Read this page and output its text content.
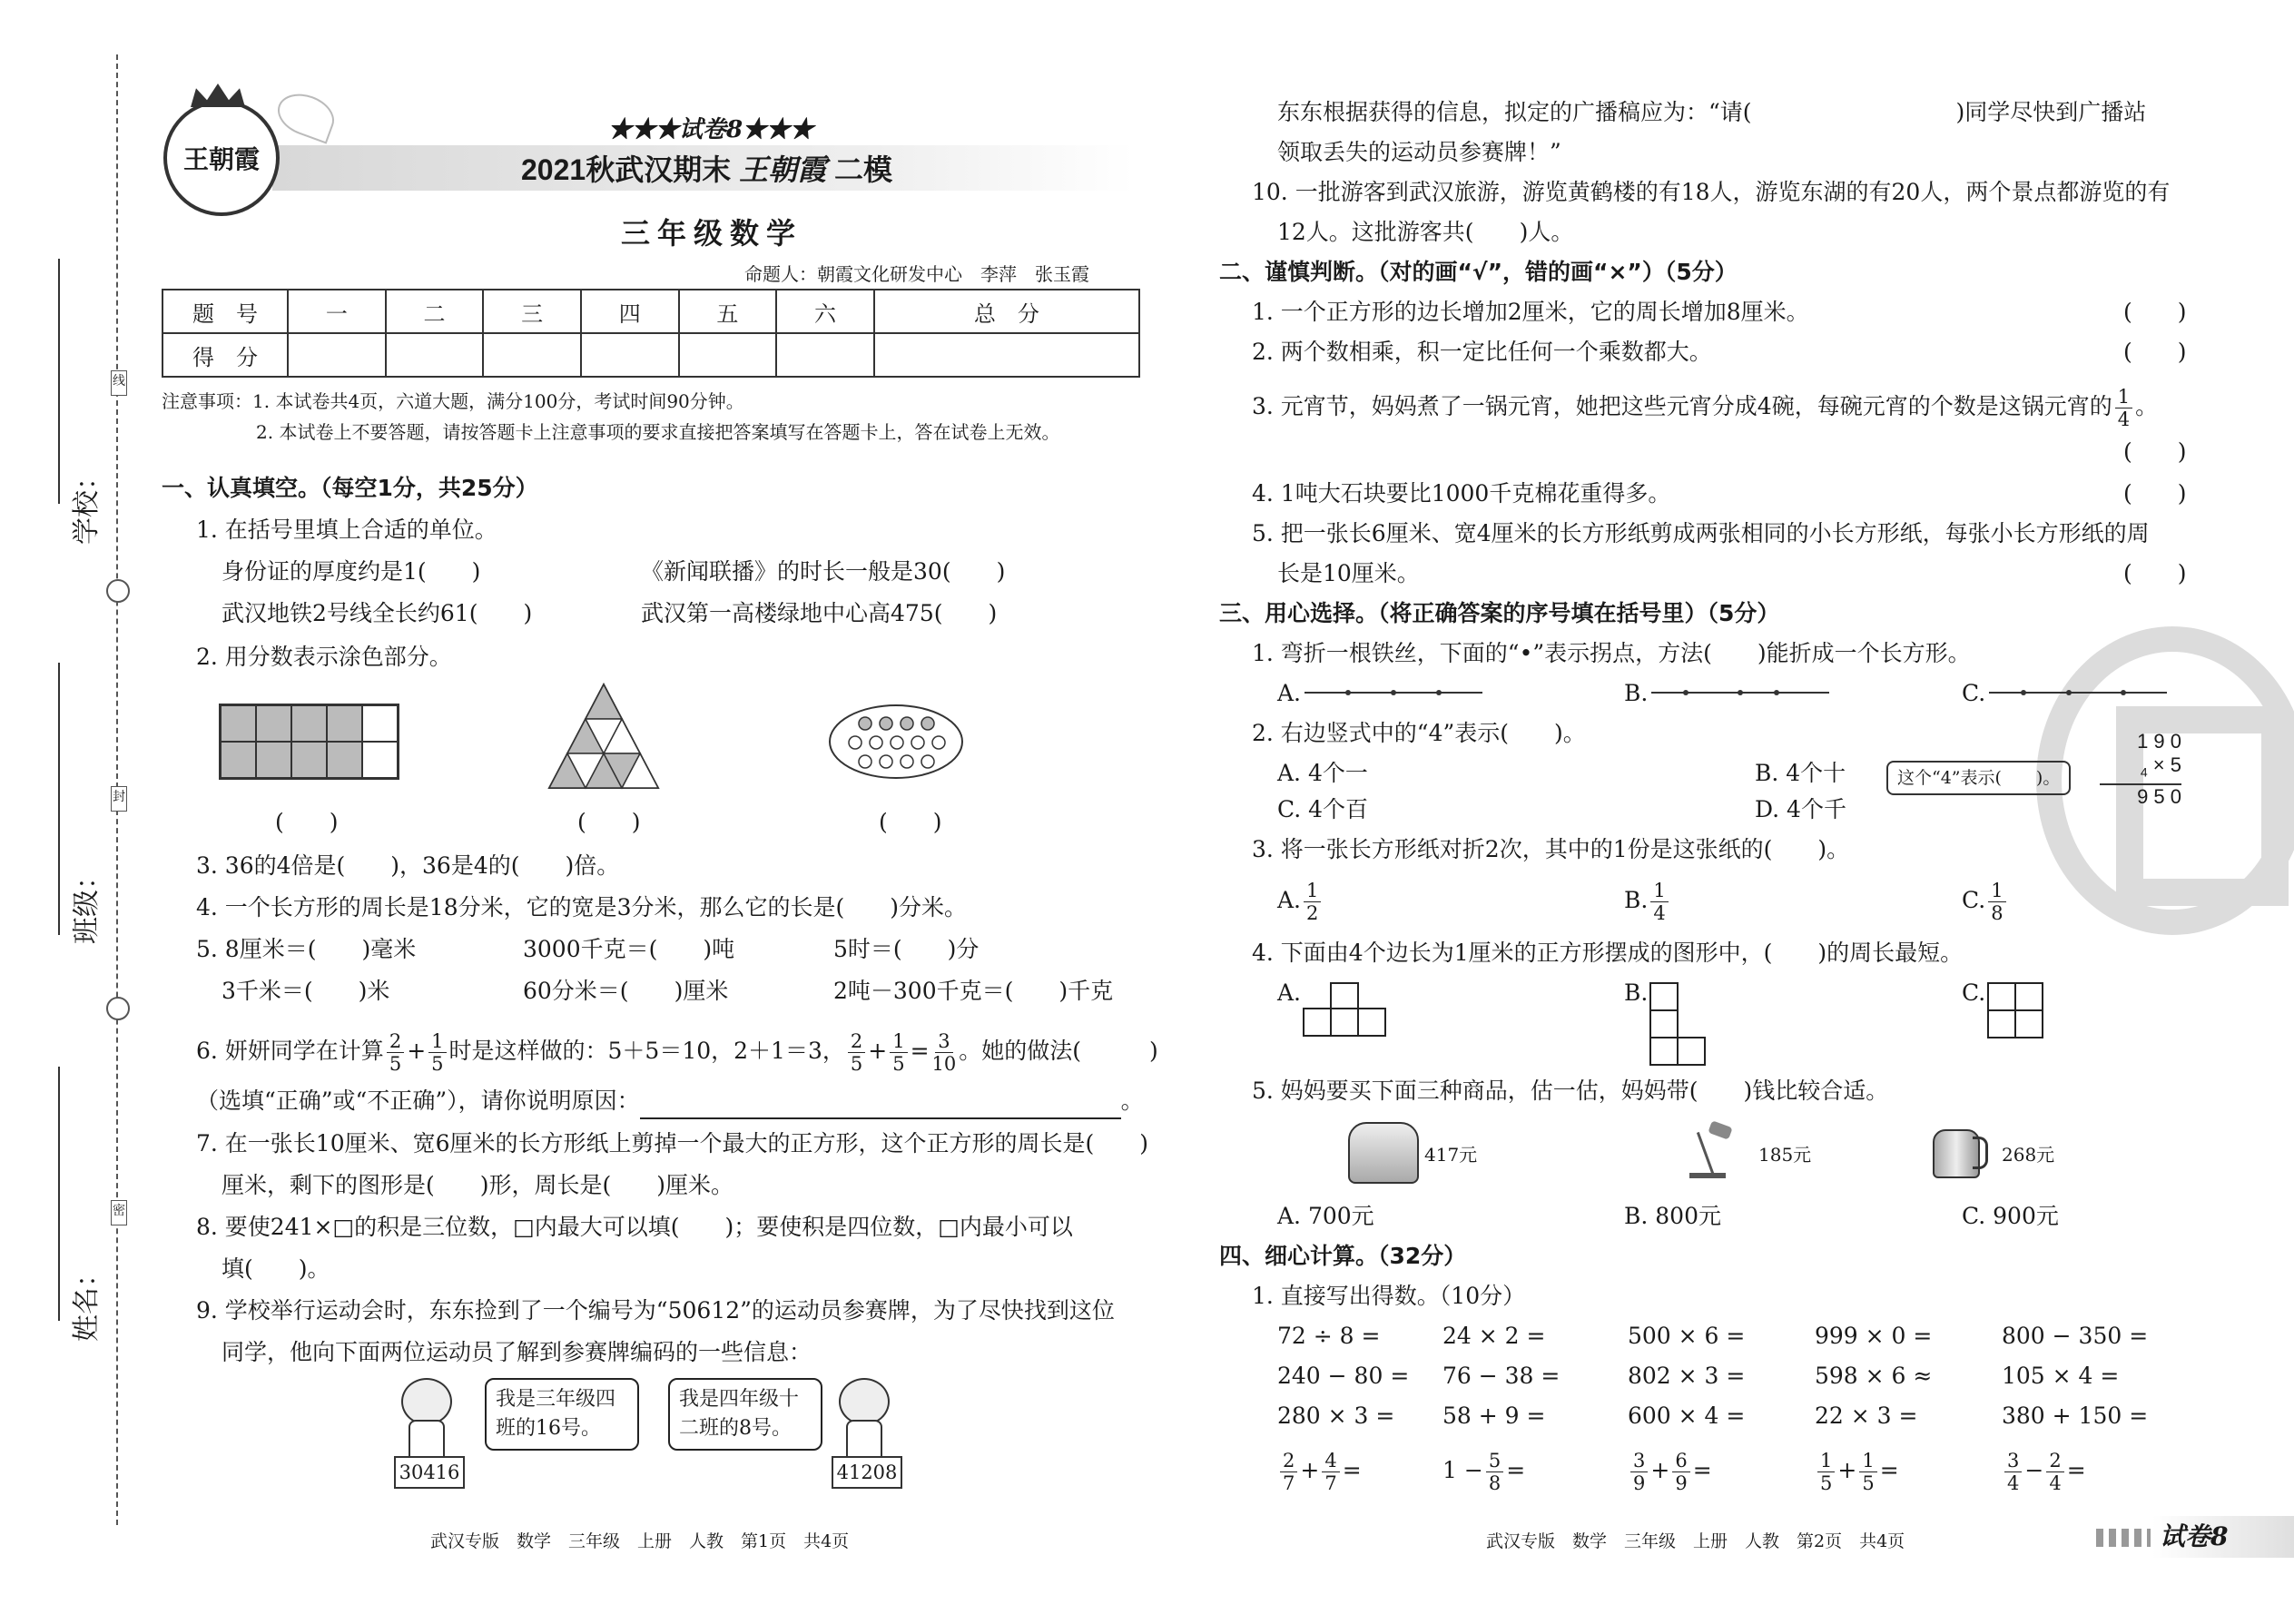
学校：
班级：
姓名：
线
封
密
王朝霞
★★★试卷8★★★
2021秋武汉期末 王朝霞 二模
三年级数学
命题人：朝霞文化研发中心　李萍　张玉霞
题　号	一	二	三	四	五	六	总　分
得　分							
注意事项：1. 本试卷共4页，六道大题，满分100分，考试时间90分钟。
2. 本试卷上不要答题，请按答题卡上注意事项的要求直接把答案填写在答题卡上，答在试卷上无效。
一、认真填空。（每空1分，共25分）
1. 在括号里填上合适的单位。
身份证的厚度约是1(　　)	《新闻联播》的时长一般是30(　　)
武汉地铁2号线全长约61(　　)	武汉第一高楼绿地中心高475(　　)
2. 用分数表示涂色部分。
(　　)	(　　)	(　　)
3. 36的4倍是(　　)，36是4的(　　)倍。
4. 一个长方形的周长是18分米，它的宽是3分米，那么它的长是(　　)分米。
5. 8厘米＝(　　)毫米	3000千克＝(　　)吨	5时＝(　　)分
3千米＝(　　)米	60分米＝(　　)厘米	2吨－300千克＝(　　)千克
6. 妍妍同学在计算 $\frac{2}{5} + \frac{1}{5}$ 时是这样做的：5＋5＝10，2＋1＝3， $\frac{2}{5} + \frac{1}{5} = \frac{3}{10}$ 。她的做法(　　　)
（选填“正确”或“不正确”），请你说明原因：	。
7. 在一张长10厘米、宽6厘米的长方形纸上剪掉一个最大的正方形，这个正方形的周长是(　　)
厘米，剩下的图形是(　　)形，周长是(　　)厘米。
8. 要使241×□的积是三位数，□内最大可以填(　　)；要使积是四位数，□内最小可以
填(　　)。
9. 学校举行运动会时，东东捡到了一个编号为“50612”的运动员参赛牌，为了尽快找到这位
同学，他向下面两位运动员了解到参赛牌编码的一些信息：
我是三年级四班的16号。
30416
我是四年级十二班的8号。
41208
武汉专版　数学　三年级　上册　人教　第1页　共4页
东东根据获得的信息，拟定的广播稿应为：“请(　　　　　　　　　)同学尽快到广播站
领取丢失的运动员参赛牌！”
10. 一批游客到武汉旅游，游览黄鹤楼的有18人，游览东湖的有20人，两个景点都游览的有
12人。这批游客共(　　)人。
二、谨慎判断。（对的画“√”，错的画“×”）（5分）
1. 一个正方形的边长增加2厘米，它的周长增加8厘米。	(　　)
2. 两个数相乘，积一定比任何一个乘数都大。	(　　)
3. 元宵节，妈妈煮了一锅元宵，她把这些元宵分成4碗，每碗元宵的个数是这锅元宵的 $\frac{1}{4}$ 。
(　　)
4. 1吨大石块要比1000千克棉花重得多。	(　　)
5. 把一张长6厘米、宽4厘米的长方形纸剪成两张相同的小长方形纸，每张小长方形纸的周
长是10厘米。	(　　)
三、用心选择。（将正确答案的序号填在括号里）（5分）
1. 弯折一根铁丝，下面的“•”表示拐点，方法(　　)能折成一个长方形。
A.	B.	C.
2. 右边竖式中的“4”表示(　　)。
A. 4个一	B. 4个十
C. 4个百	D. 4个千
这个“4”表示(　　)。
1 9 0
$_4$ × 5
9 5 0
3. 将一张长方形纸对折2次，其中的1份是这张纸的(　　)。
A. $\frac{1}{2}$	B. $\frac{1}{4}$	C. $\frac{1}{8}$
4. 下面由4个边长为1厘米的正方形摆成的图形中，(　　)的周长最短。
A.	B.	C.
5. 妈妈要买下面三种商品，估一估，妈妈带(　　)钱比较合适。
417元	185元	268元
A. 700元	B. 800元	C. 900元
四、细心计算。（32分）
1. 直接写出得数。（10分）
72 ÷ 8 =	24 × 2 =	500 × 6 =	999 × 0 =	800 − 350 =
240 − 80 = 76 − 38 =	802 × 3 =	598 × 6 ≈	105 × 4 =
280 × 3 = 58 + 9 =	600 × 4 =	22 × 3 =	380 + 150 =
$\frac{2}{7} + \frac{4}{7}$ =	$1 - \frac{5}{8}$ =	$\frac{3}{9} + \frac{6}{9}$ =	$\frac{1}{5} + \frac{1}{5}$ =	$\frac{3}{4} - \frac{2}{4}$ =
武汉专版　数学　三年级　上册　人教　第2页　共4页	试卷8
